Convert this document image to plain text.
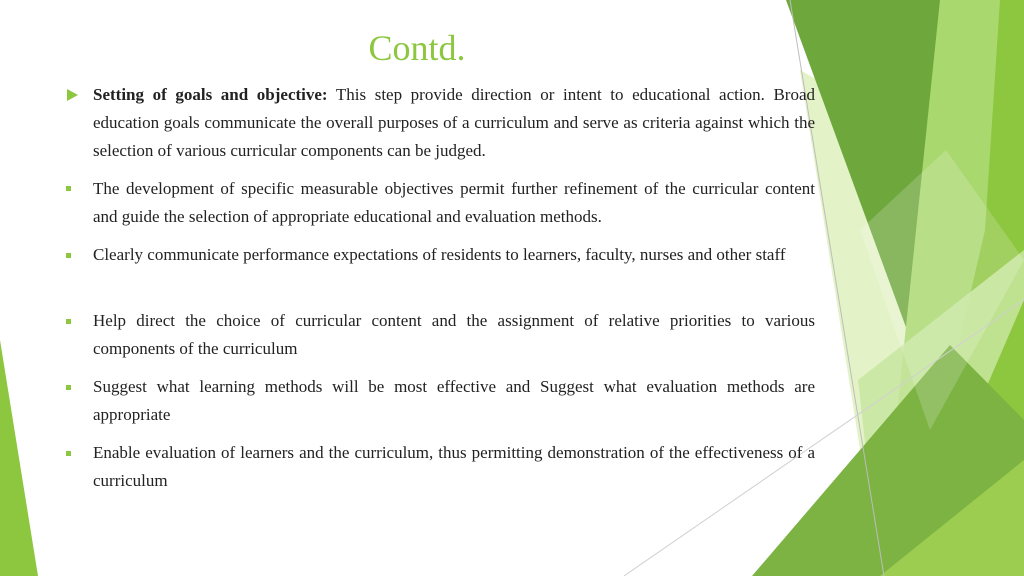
Contd.
Setting of goals and objective: This step provide direction or intent to educational action. Broad education goals communicate the overall purposes of a curriculum and serve as criteria against which the selection of various curricular components can be judged.
The development of specific measurable objectives permit further refinement of the curricular content and guide the selection of appropriate educational and evaluation methods.
Clearly communicate performance expectations of residents to learners, faculty, nurses and other staff
Help direct the choice of curricular content and the assignment of relative priorities to various components of the curriculum
Suggest what learning methods will be most effective and Suggest what evaluation methods are appropriate
Enable evaluation of learners and the curriculum, thus permitting demonstration of the effectiveness of a curriculum
